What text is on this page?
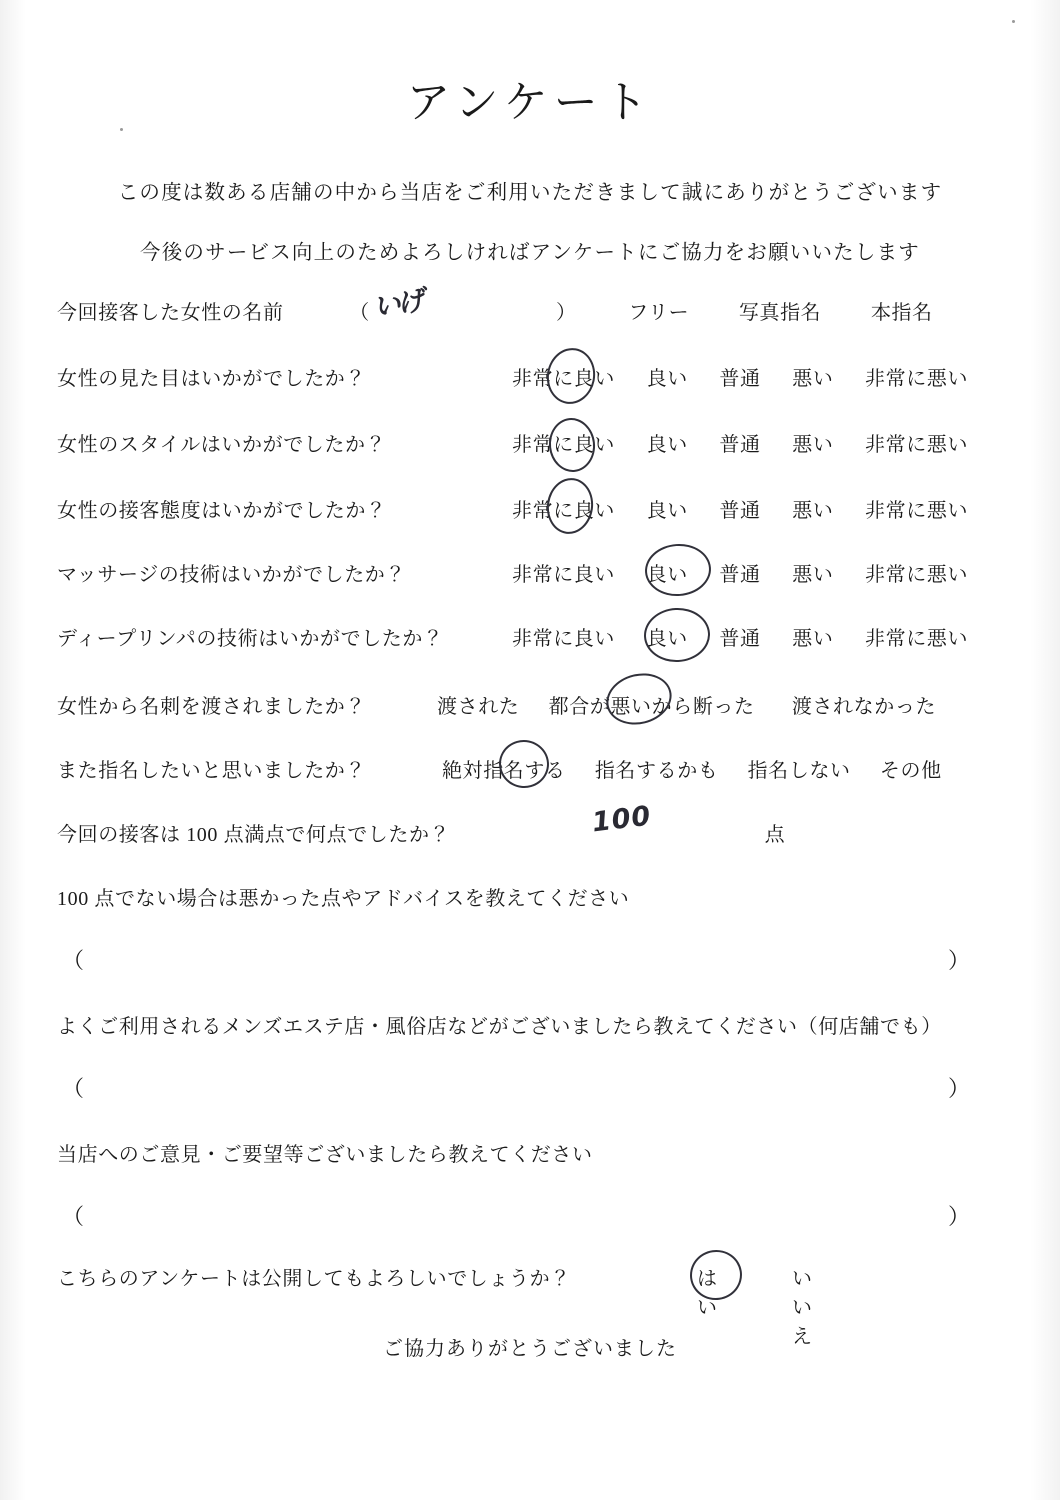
アンケート
この度は数ある店舗の中から当店をご利用いただきまして誠にありがとうございます
今後のサービス向上のためよろしければアンケートにご協力をお願いいたします
今回接客した女性の名前	（	）	フリー 写真指名 本指名
いげ
女性の見た目はいかがでしたか？	非常に良い 良い 普通 悪い 非常に悪い
女性のスタイルはいかがでしたか？	非常に良い 良い 普通 悪い 非常に悪い
女性の接客態度はいかがでしたか？	非常に良い 良い 普通 悪い 非常に悪い
マッサージの技術はいかがでしたか？	非常に良い 良い 普通 悪い 非常に悪い
ディープリンパの技術はいかがでしたか？	非常に良い 良い 普通 悪い 非常に悪い
女性から名刺を渡されましたか？	渡された 都合が悪いから断った 渡されなかった
また指名したいと思いましたか？	絶対指名する 指名するかも 指名しない その他
今回の接客は 100 点満点で何点でしたか？	点
100
100 点でない場合は悪かった点やアドバイスを教えてください
（	）
よくご利用されるメンズエステ店・風俗店などがございましたら教えてください（何店舗でも）
（	）
当店へのご意見・ご要望等ございましたら教えてください
（	）
こちらのアンケートは公開してもよろしいでしょうか？	はい
いいえ
ご協力ありがとうございました
